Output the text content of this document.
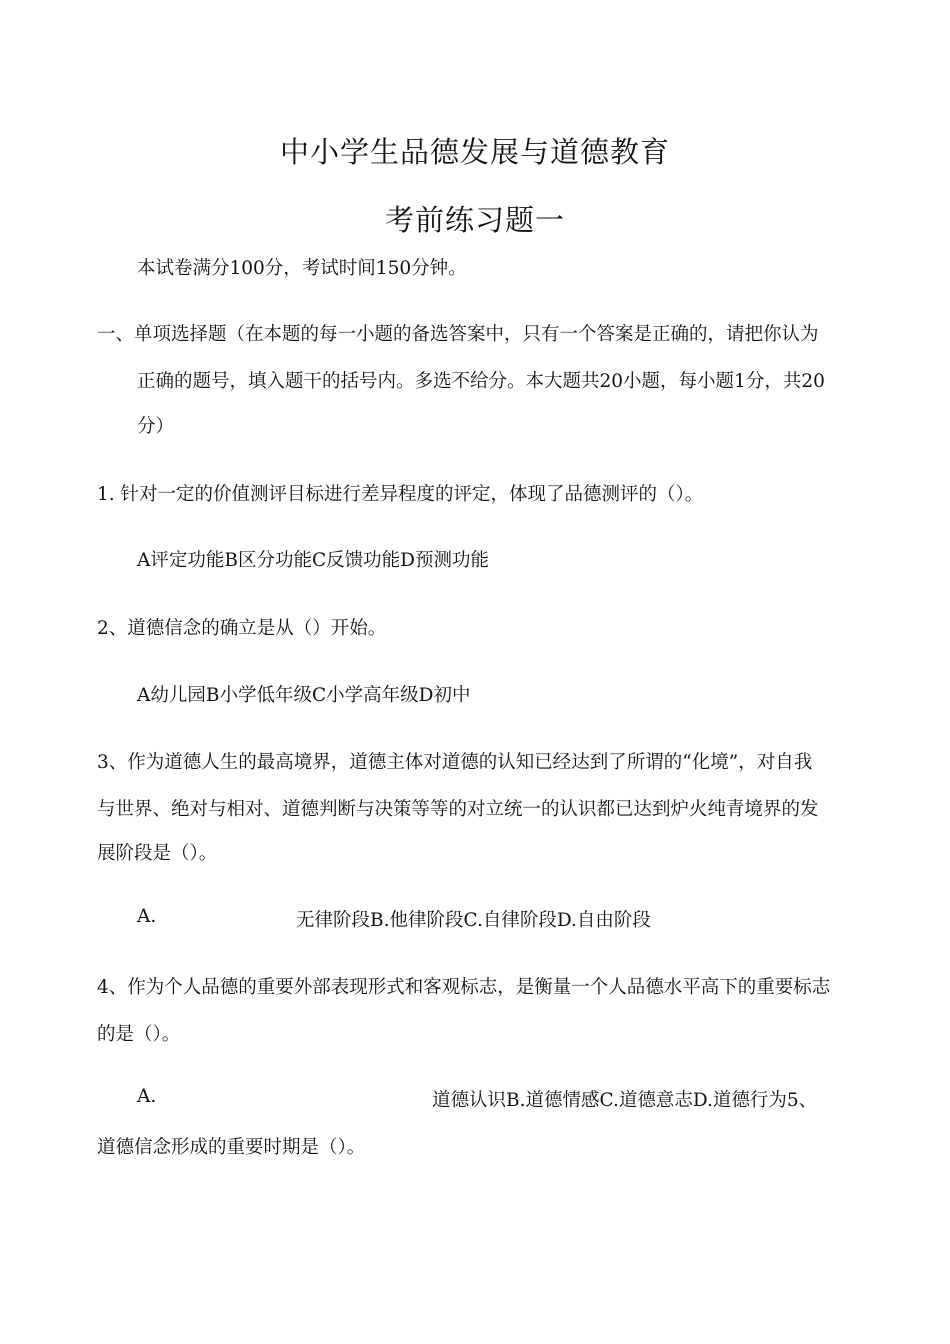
中小学生品德发展与道德教育
考前练习题一
本试卷满分100分，考试时间150分钟。
一、单项选择题（在本题的每一小题的备选答案中，只有一个答案是正确的，请把你认为
正确的题号，填入题干的括号内。多选不给分。本大题共20小题，每小题1分，共20
分）
1. 针对一定的价值测评目标进行差异程度的评定，体现了品德测评的（）。
A评定功能B区分功能C反馈功能D预测功能
2、道德信念的确立是从（）开始。
A幼儿园B小学低年级C小学高年级D初中
3、作为道德人生的最高境界，道德主体对道德的认知已经达到了所谓的“化境”，对自我
与世界、绝对与相对、道德判断与决策等等的对立统一的认识都已达到炉火纯青境界的发
展阶段是（）。
A.	无律阶段B.他律阶段C.自律阶段D.自由阶段
4、作为个人品德的重要外部表现形式和客观标志，是衡量一个人品德水平高下的重要标志
的是（）。
A.	道德认识B.道德情感C.道德意志D.道德行为5、
道德信念形成的重要时期是（）。
